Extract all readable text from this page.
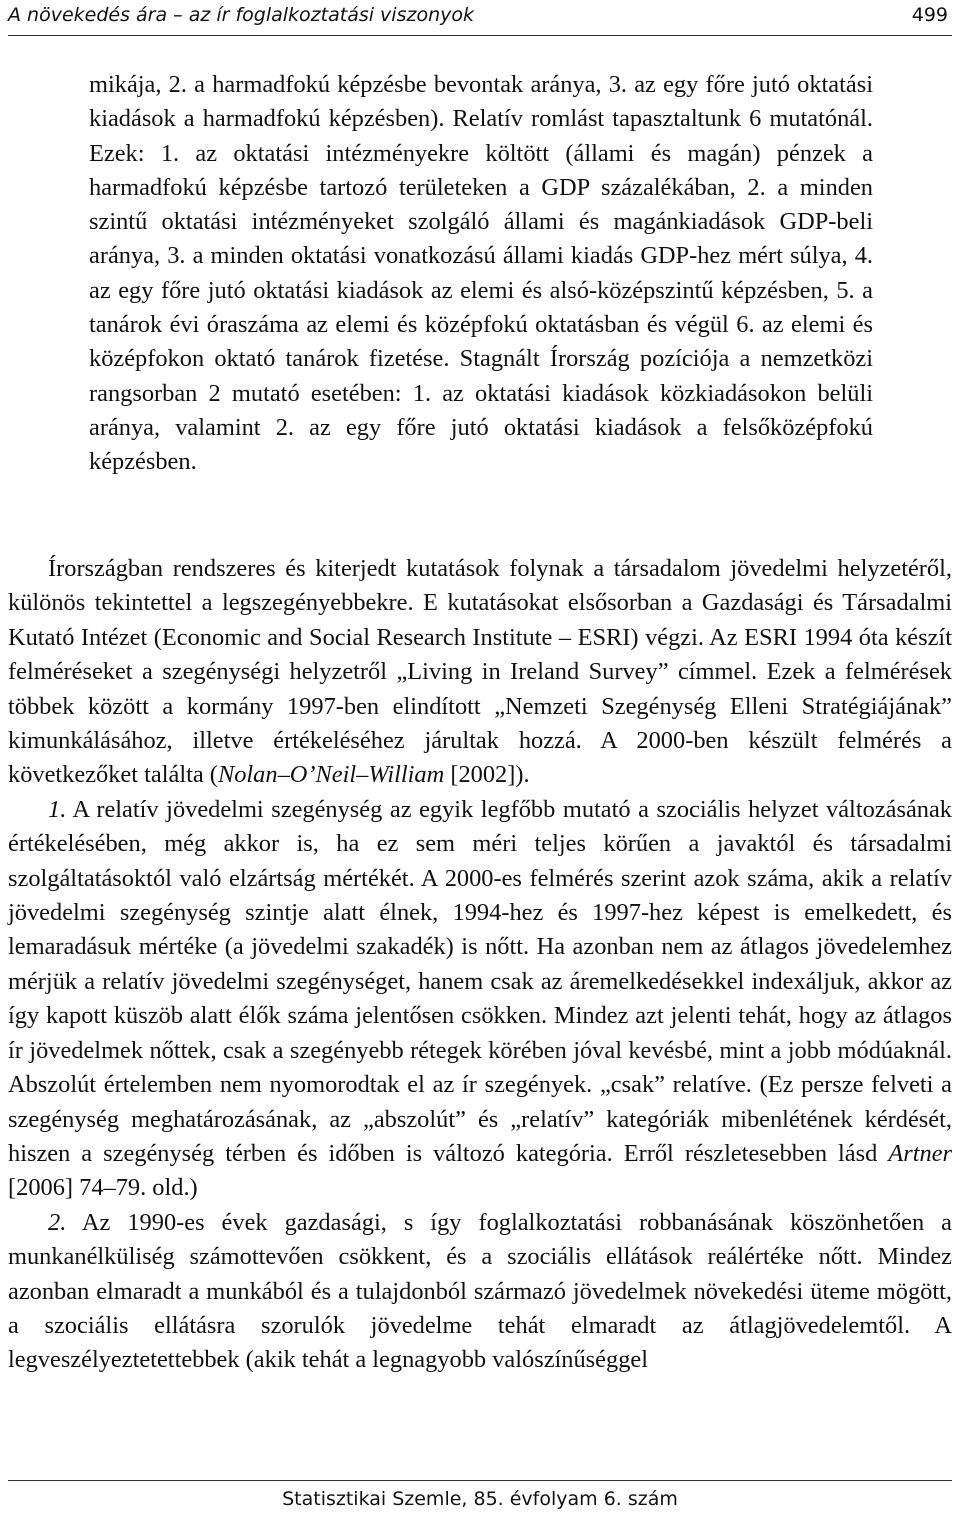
A növekedés ára – az ír foglalkoztatási viszonyok	499

mikája, 2. a harmadfokú képzésbe bevontak aránya, 3. az egy főre jutó oktatási kiadások a harmadfokú képzésben). Relatív romlást tapasztaltunk 6 mutatónál. Ezek: 1. az oktatási intézményekre költött (állami és magán) pénzek a harmadfokú képzésbe tartozó területeken a GDP százalékában, 2. a minden szintű oktatási intézményeket szolgáló állami és magánkiadások GDP-beli aránya, 3. a minden oktatási vonatkozású állami kiadás GDP-hez mért súlya, 4. az egy főre jutó oktatási kiadások az elemi és alsó-középszintű képzésben, 5. a tanárok évi óraszáma az elemi és középfokú oktatásban és végül 6. az elemi és középfokon oktató tanárok fizetése. Stagnált Írország pozíciója a nemzetközi rangsorban 2 mutató esetében: 1. az oktatási kiadások közkiadásokon belüli aránya, valamint 2. az egy főre jutó oktatási kiadások a felsőközépfokú képzésben.

Írországban rendszeres és kiterjedt kutatások folynak a társadalom jövedelmi helyzetéről, különös tekintettel a legszegényebbekre. E kutatásokat elsősorban a Gazdasági és Társadalmi Kutató Intézet (Economic and Social Research Institute – ESRI) végzi. Az ESRI 1994 óta készít felméréseket a szegénységi helyzetről „Living in Ireland Survey” címmel. Ezek a felmérések többek között a kormány 1997-ben elindított „Nemzeti Szegénység Elleni Stratégiájának” kimunkálásához, illetve értékeléséhez járultak hozzá. A 2000-ben készült felmérés a következőket találta (Nolan–O’Neil–William [2002]).

1. A relatív jövedelmi szegénység az egyik legfőbb mutató a szociális helyzet változásának értékelésében, még akkor is, ha ez sem méri teljes körűen a javaktól és társadalmi szolgáltatásoktól való elzártság mértékét. A 2000-es felmérés szerint azok száma, akik a relatív jövedelmi szegénység szintje alatt élnek, 1994-hez és 1997-hez képest is emelkedett, és lemaradásuk mértéke (a jövedelmi szakadék) is nőtt. Ha azonban nem az átlagos jövedelemhez mérjük a relatív jövedelmi szegénységet, hanem csak az áremelkedésekkel indexáljuk, akkor az így kapott küszöb alatt élők száma jelentősen csökken. Mindez azt jelenti tehát, hogy az átlagos ír jövedelmek nőttek, csak a szegényebb rétegek körében jóval kevésbé, mint a jobb módúaknál. Abszolút értelemben nem nyomorodtak el az ír szegények. „csak” relatíve. (Ez persze felveti a szegénység meghatározásának, az „abszolút” és „relatív” kategóriák mibenlétének kérdését, hiszen a szegénység térben és időben is változó kategória. Erről részletesebben lásd Artner [2006] 74–79. old.)

2. Az 1990-es évek gazdasági, s így foglalkoztatási robbanásának köszönhetően a munkanélküliség számottevően csökkent, és a szociális ellátások reálértéke nőtt. Mindez azonban elmaradt a munkából és a tulajdonból származó jövedelmek növekedési üteme mögött, a szociális ellátásra szorulók jövedelme tehát elmaradt az átlagjövedelemtől. A legveszélyeztetettebbek (akik tehát a legnagyobb valószínűséggel

Statisztikai Szemle, 85. évfolyam 6. szám
